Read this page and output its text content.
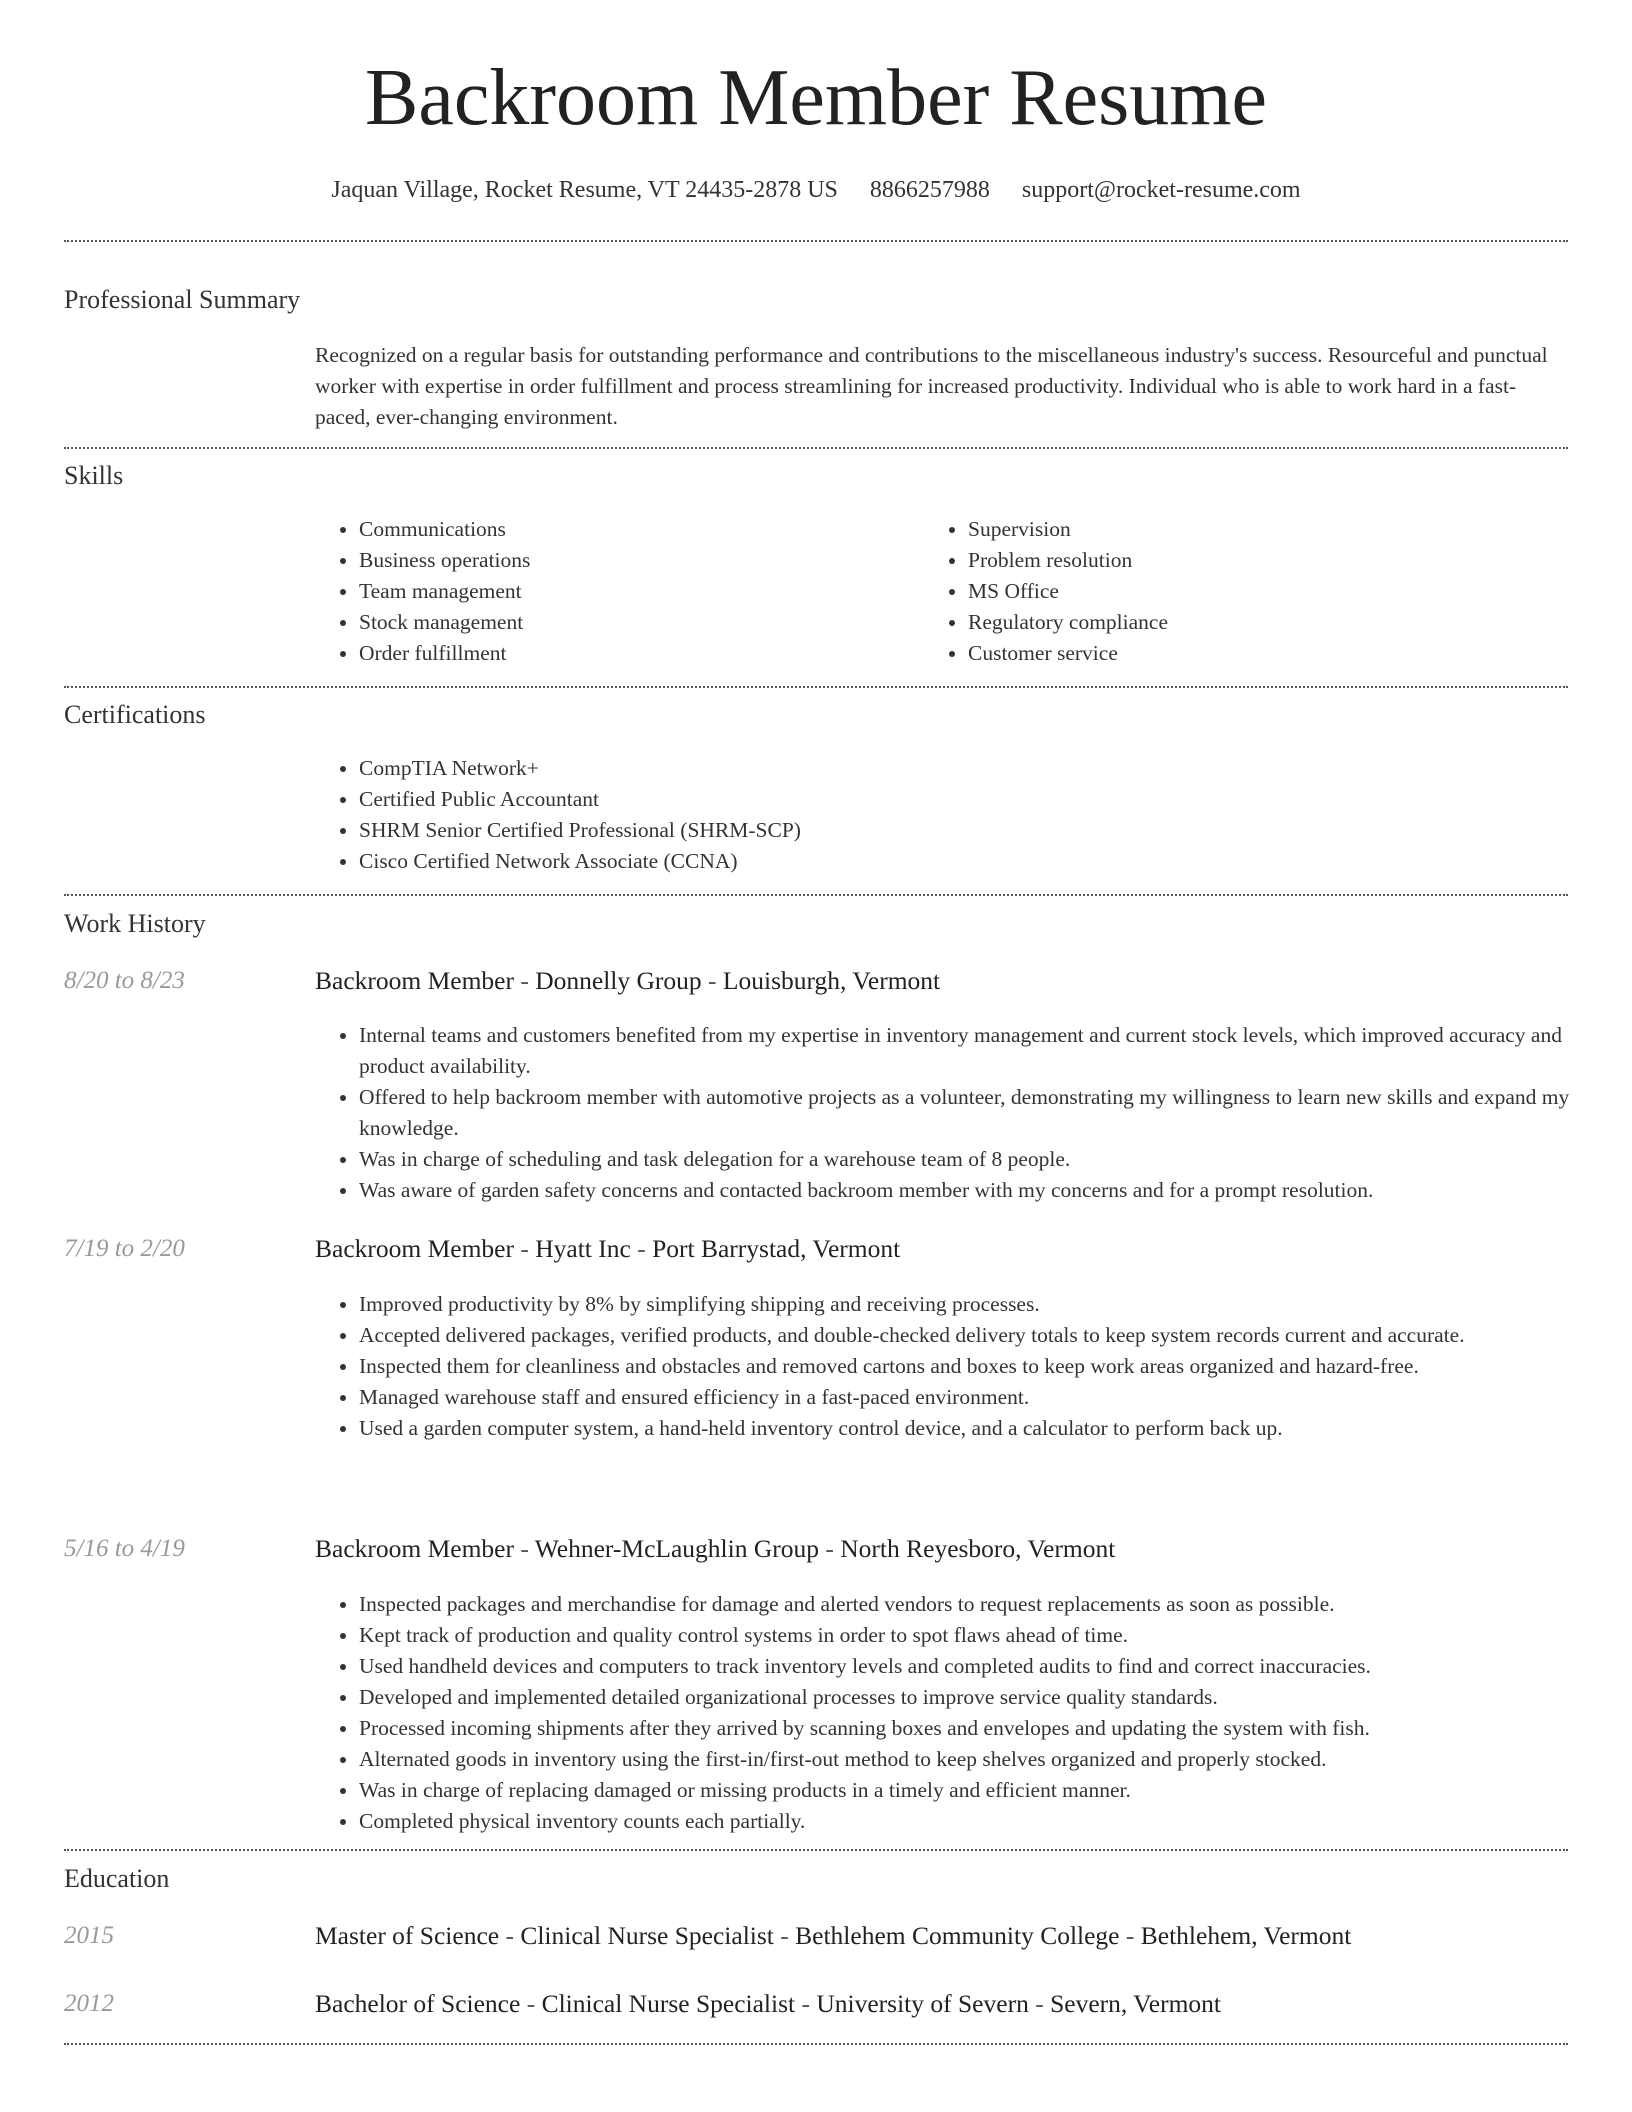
Backroom Member Resume
Jaquan Village, Rocket Resume, VT 24435-2878 US 8866257988 support@rocket-resume.com
Professional Summary

Recognized on a regular basis for outstanding performance and contributions to the miscellaneous industry's success. Resourceful and punctual worker with expertise in order fulfillment and process streamlining for increased productivity. Individual who is able to work hard in a fast-paced, ever-changing environment.

Skills
• Communications
• Business operations
• Team management
• Stock management
• Order fulfillment
• Supervision
• Problem resolution
• MS Office
• Regulatory compliance
• Customer service
Certifications
• CompTIA Network+
• Certified Public Accountant
• SHRM Senior Certified Professional (SHRM-SCP)
• Cisco Certified Network Associate (CCNA)
Work History
8/20 to 8/23	Backroom Member - Donnelly Group - Louisburgh, Vermont
• Internal teams and customers benefited from my expertise in inventory management and current stock levels, which improved accuracy and product availability.
• Offered to help backroom member with automotive projects as a volunteer, demonstrating my willingness to learn new skills and expand my knowledge.
• Was in charge of scheduling and task delegation for a warehouse team of 8 people.
• Was aware of garden safety concerns and contacted backroom member with my concerns and for a prompt resolution.
7/19 to 2/20	Backroom Member - Hyatt Inc - Port Barrystad, Vermont
• Improved productivity by 8% by simplifying shipping and receiving processes.
• Accepted delivered packages, verified products, and double-checked delivery totals to keep system records current and accurate.
• Inspected them for cleanliness and obstacles and removed cartons and boxes to keep work areas organized and hazard-free.
• Managed warehouse staff and ensured efficiency in a fast-paced environment.
• Used a garden computer system, a hand-held inventory control device, and a calculator to perform back up.
5/16 to 4/19	Backroom Member - Wehner-McLaughlin Group - North Reyesboro, Vermont
• Inspected packages and merchandise for damage and alerted vendors to request replacements as soon as possible.
• Kept track of production and quality control systems in order to spot flaws ahead of time.
• Used handheld devices and computers to track inventory levels and completed audits to find and correct inaccuracies.
• Developed and implemented detailed organizational processes to improve service quality standards.
• Processed incoming shipments after they arrived by scanning boxes and envelopes and updating the system with fish.
• Alternated goods in inventory using the first-in/first-out method to keep shelves organized and properly stocked.
• Was in charge of replacing damaged or missing products in a timely and efficient manner.
• Completed physical inventory counts each partially.
Education
2015	Master of Science - Clinical Nurse Specialist - Bethlehem Community College - Bethlehem, Vermont
2012	Bachelor of Science - Clinical Nurse Specialist - University of Severn - Severn, Vermont
